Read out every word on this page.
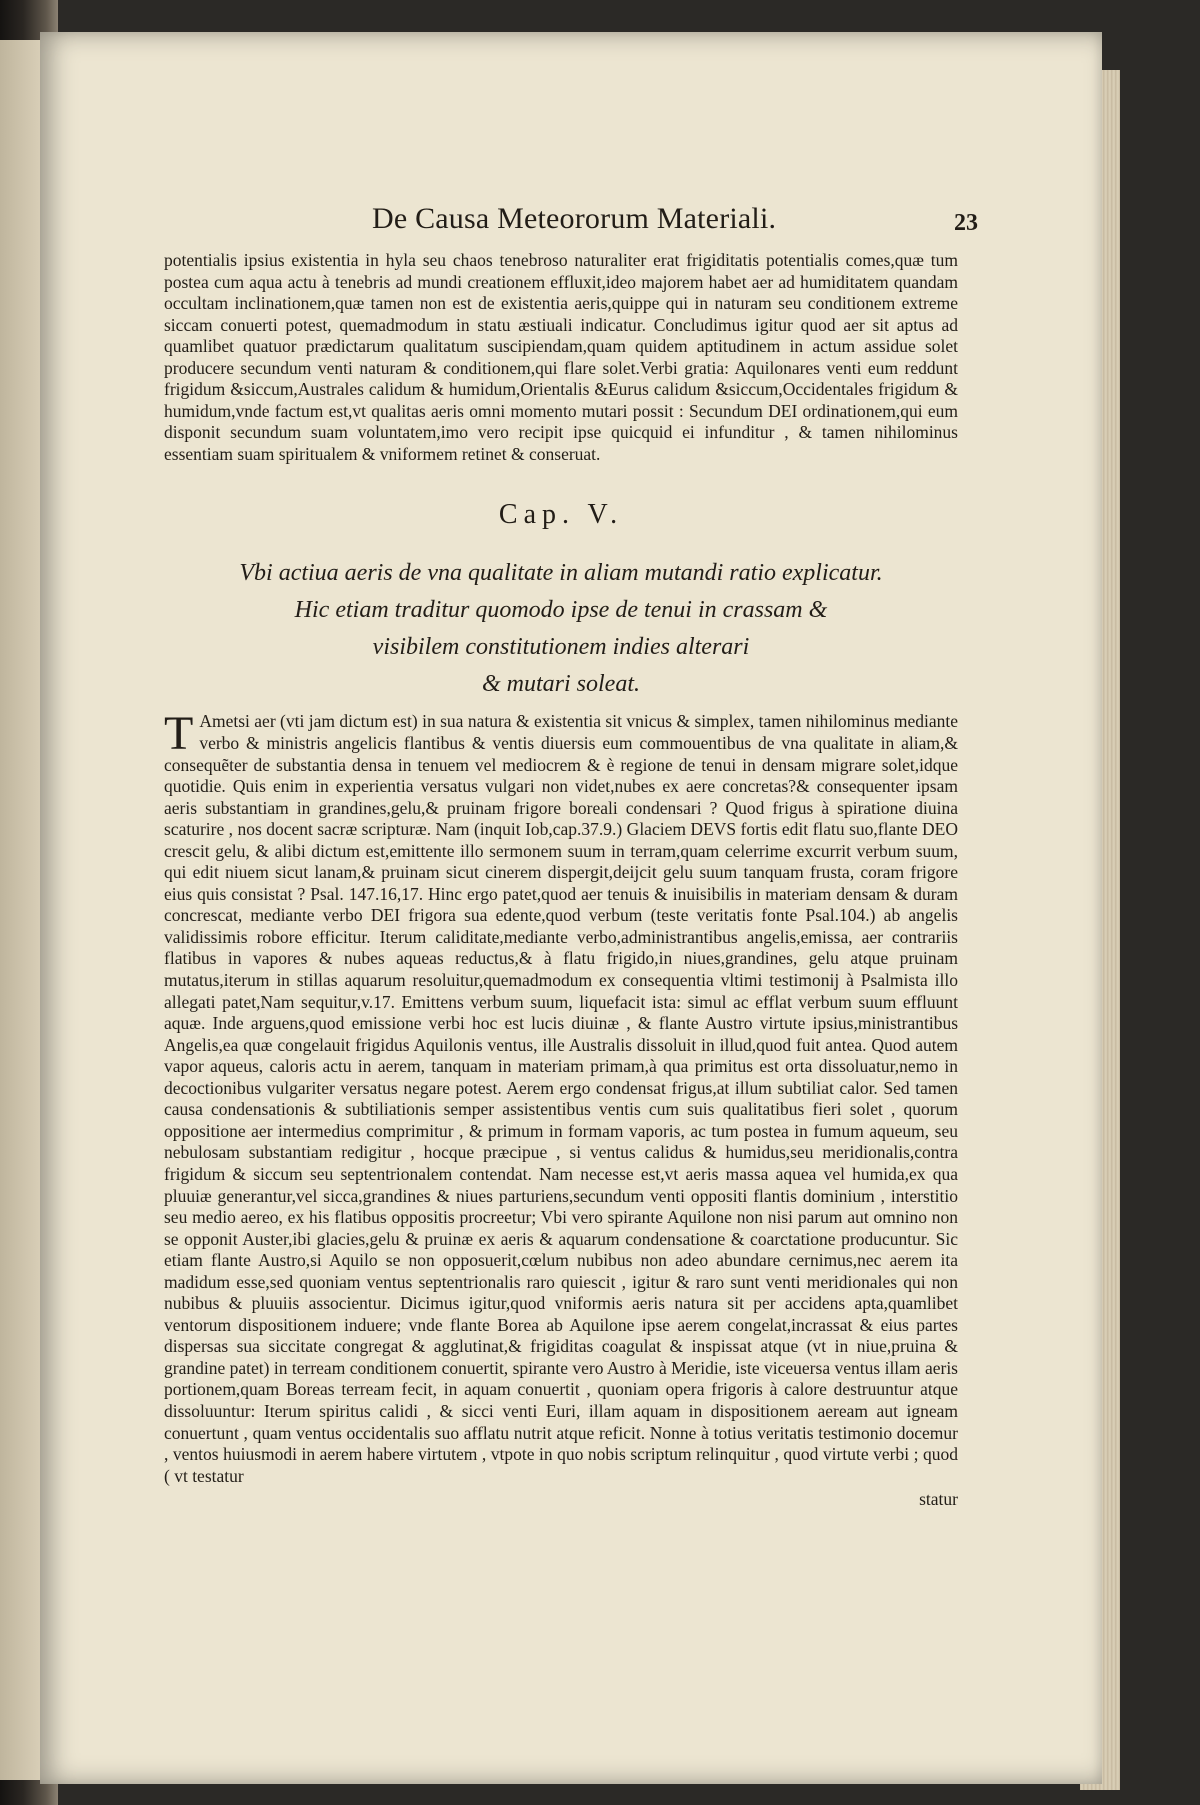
De Causa Meteororum Materiali.	23

potentialis ipsius existentia in hyla seu chaos tenebroso naturaliter erat frigiditatis potentialis comes,quæ tum postea cum aqua actu à tenebris ad mundi creationem effluxit,ideo majorem habet aer ad humiditatem quandam occultam inclinationem,quæ tamen non est de existentia aeris,quippe qui in naturam seu conditionem extreme siccam conuerti potest, quemadmodum in statu æstiuali indicatur. Concludimus igitur quod aer sit aptus ad quamlibet quatuor prædictarum qualitatum suscipiendam,quam quidem aptitudinem in actum assidue solet producere secundum venti naturam & conditionem,qui flare solet.Verbi gratia: Aquilonares venti eum reddunt frigidum &siccum,Australes calidum & humidum,Orientalis &Eurus calidum &siccum,Occidentales frigidum & humidum,vnde factum est,vt qualitas aeris omni momento mutari possit : Secundum DEI ordinationem,qui eum disponit secundum suam voluntatem,imo vero recipit ipse quicquid ei infunditur , & tamen nihilominus essentiam suam spiritualem & vniformem retinet & conseruat.

Cap. V.
Vbi actiua aeris de vna qualitate in aliam mutandi ratio explicatur.
Hic etiam traditur quomodo ipse de tenui in crassam &
visibilem constitutionem indies alterari
& mutari soleat.

T Ametsi aer (vti jam dictum est) in sua natura & existentia sit vnicus & simplex, tamen nihilominus mediante verbo & ministris angelicis flantibus & ventis diuersis eum commouentibus de vna qualitate in aliam,& consequẽter de substantia densa in tenuem vel mediocrem & è regione de tenui in densam migrare solet,idque quotidie. Quis enim in experientia versatus vulgari non videt,nubes ex aere concretas?& consequenter ipsam aeris substantiam in grandines,gelu,& pruinam frigore boreali condensari ? Quod frigus à spiratione diuina scaturire , nos docent sacræ scripturæ. Nam (inquit Iob,cap.37.9.) Glaciem DEVS fortis edit flatu suo,flante DEO crescit gelu, & alibi dictum est,emittente illo sermonem suum in terram,quam celerrime excurrit verbum suum, qui edit niuem sicut lanam,& pruinam sicut cinerem dispergit,deijcit gelu suum tanquam frusta, coram frigore eius quis consistat ? Psal. 147.16,17. Hinc ergo patet,quod aer tenuis & inuisibilis in materiam densam & duram concrescat, mediante verbo DEI frigora sua edente,quod verbum (teste veritatis fonte Psal.104.) ab angelis validissimis robore efficitur. Iterum caliditate,mediante verbo,administrantibus angelis,emissa, aer contrariis flatibus in vapores & nubes aqueas reductus,& à flatu frigido,in niues,grandines, gelu atque pruinam mutatus,iterum in stillas aquarum resoluitur,quemadmodum ex consequentia vltimi testimonij à Psalmista illo allegati patet,Nam sequitur,v.17. Emittens verbum suum, liquefacit ista: simul ac efflat verbum suum effluunt aquæ. Inde arguens,quod emissione verbi hoc est lucis diuinæ , & flante Austro virtute ipsius,ministrantibus Angelis,ea quæ congelauit frigidus Aquilonis ventus, ille Australis dissoluit in illud,quod fuit antea. Quod autem vapor aqueus, caloris actu in aerem, tanquam in materiam primam,à qua primitus est orta dissoluatur,nemo in decoctionibus vulgariter versatus negare potest. Aerem ergo condensat frigus,at illum subtiliat calor. Sed tamen causa condensationis & subtiliationis semper assistentibus ventis cum suis qualitatibus fieri solet , quorum oppositione aer intermedius comprimitur , & primum in formam vaporis, ac tum postea in fumum aqueum, seu nebulosam substantiam redigitur , hocque præcipue , si ventus calidus & humidus,seu meridionalis,contra frigidum & siccum seu septentrionalem contendat. Nam necesse est,vt aeris massa aquea vel humida,ex qua pluuiæ generantur,vel sicca,grandines & niues parturiens,secundum venti oppositi flantis dominium , interstitio seu medio aereo, ex his flatibus oppositis procreetur; Vbi vero spirante Aquilone non nisi parum aut omnino non se opponit Auster,ibi glacies,gelu & pruinæ ex aeris & aquarum condensatione & coarctatione producuntur. Sic etiam flante Austro,si Aquilo se non opposuerit,cœlum nubibus non adeo abundare cernimus,nec aerem ita madidum esse,sed quoniam ventus septentrionalis raro quiescit , igitur & raro sunt venti meridionales qui non nubibus & pluuiis associentur. Dicimus igitur,quod vniformis aeris natura sit per accidens apta,quamlibet ventorum dispositionem induere; vnde flante Borea ab Aquilone ipse aerem congelat,incrassat & eius partes dispersas sua siccitate congregat & agglutinat,& frigiditas coagulat & inspissat atque (vt in niue,pruina & grandine patet) in terream conditionem conuertit, spirante vero Austro à Meridie, iste viceuersa ventus illam aeris portionem,quam Boreas terream fecit, in aquam conuertit , quoniam opera frigoris à calore destruuntur atque dissoluuntur: Iterum spiritus calidi , & sicci venti Euri, illam aquam in dispositionem aeream aut igneam conuertunt , quam ventus occidentalis suo afflatu nutrit atque reficit. Nonne à totius veritatis testimonio docemur , ventos huiusmodi in aerem habere virtutem , vtpote in quo nobis scriptum relinquitur , quod virtute verbi ; quod ( vt testatur

statur
